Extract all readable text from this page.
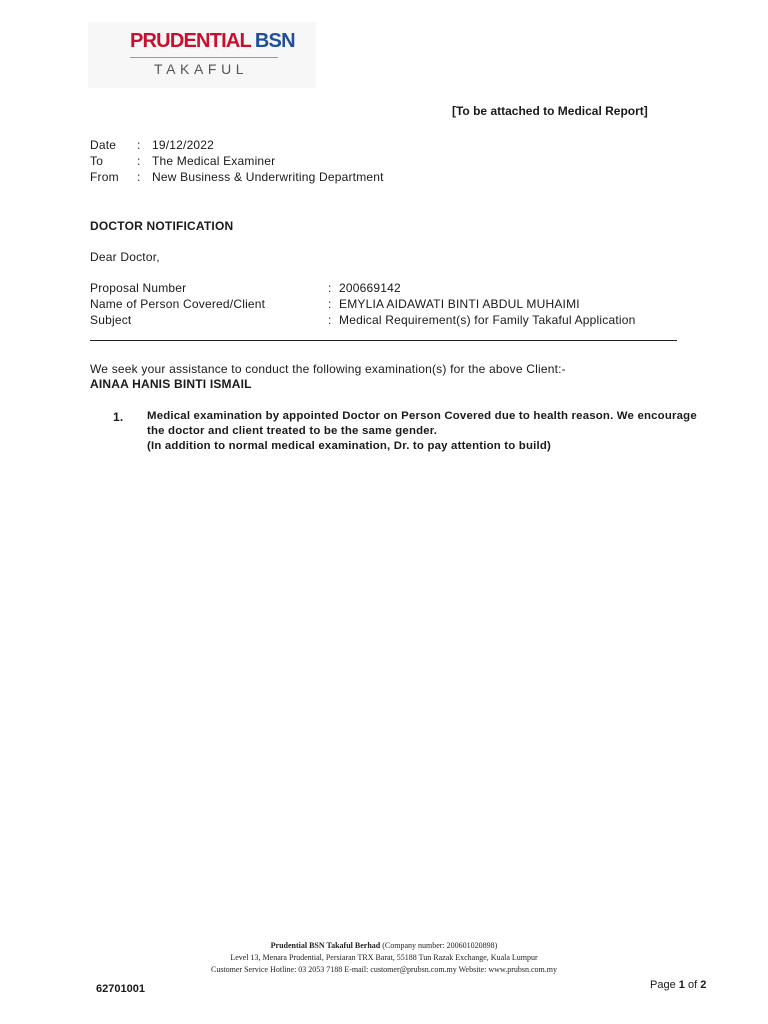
PRUDENTIAL BSN
TAKAFUL
[To be attached to Medical Report]
Date : 19/12/2022
To	: The Medical Examiner
From : New Business & Underwriting Department
DOCTOR NOTIFICATION
Dear Doctor,
Proposal Number	: 200669142
Name of Person Covered/Client	: EMYLIA AIDAWATI BINTI ABDUL MUHAIMI
Subject	: Medical Requirement(s) for Family Takaful Application
We seek your assistance to conduct the following examination(s) for the above Client:-
AINAA HANIS BINTI ISMAIL
1. Medical examination by appointed Doctor on Person Covered due to health reason. We encourage
the doctor and client treated to be the same gender.
(In addition to normal medical examination, Dr. to pay attention to build)
Prudential BSN Takaful Berhad (Company number: 200601020898)
Level 13, Menara Prudential, Persiaran TRX Barat, 55188 Tun Razak Exchange, Kuala Lumpur
Customer Service Hotline: 03 2053 7188 E-mail: customer@prubsn.com.my Website: www.prubsn.com.my
62701001	Page 1 of 2
